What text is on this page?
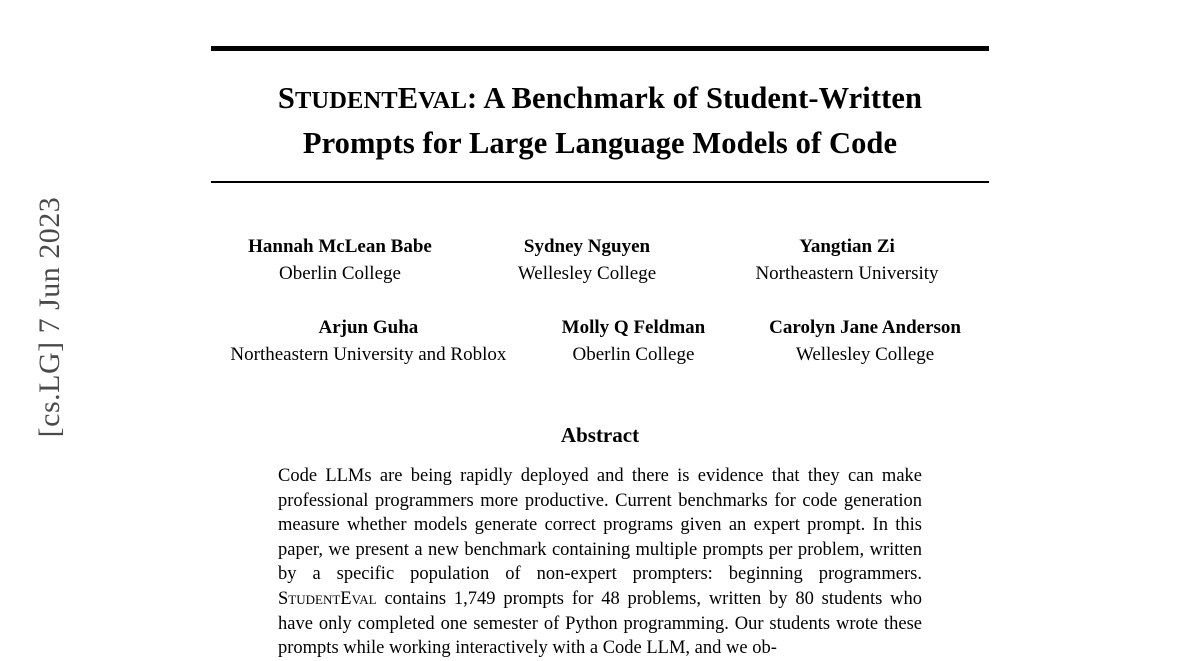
[cs.LG] 7 Jun 2023
STUDENTEVAL: A Benchmark of Student-Written
Prompts for Large Language Models of Code
Hannah McLean Babe
Oberlin College
Sydney Nguyen
Wellesley College
Yangtian Zi
Northeastern University
Arjun Guha
Northeastern University and Roblox
Molly Q Feldman
Oberlin College
Carolyn Jane Anderson
Wellesley College
Abstract

Code LLMs are being rapidly deployed and there is evidence that they can make professional programmers more productive. Current benchmarks for code generation measure whether models generate correct programs given an expert prompt. In this paper, we present a new benchmark containing multiple prompts per problem, written by a specific population of non-expert prompters: beginning programmers. StudentEval contains 1,749 prompts for 48 problems, written by 80 students who have only completed one semester of Python programming. Our students wrote these prompts while working interactively with a Code LLM, and we ob-
